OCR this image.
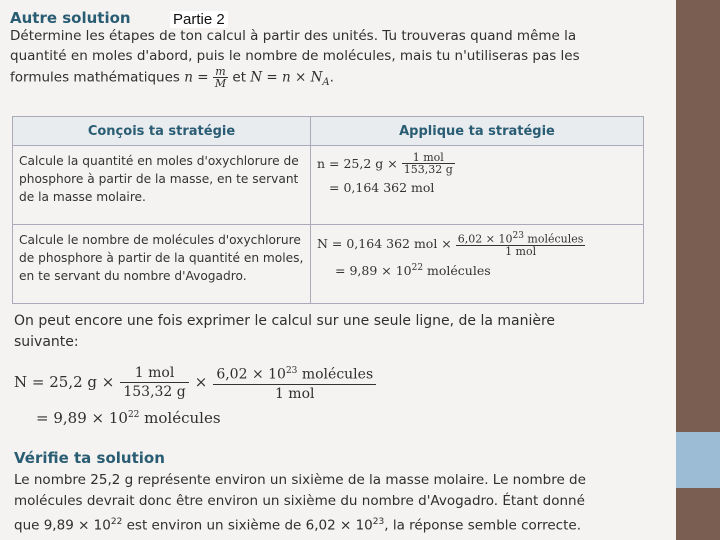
Autre solution
Détermine les étapes de ton calcul à partir des unités. Tu trouveras quand même la quantité en moles d'abord, puis le nombre de molécules, mais tu n'utiliseras pas les formules mathématiques $n = \frac{m}{M}$ et $N = n \times N_A$.
Conçois ta stratégie	Applique ta stratégie
Calcule la quantité en moles d'oxychlorure de phosphore à partir de la masse, en te servant de la masse molaire.	n = 25,2 $g \times \frac{\text{1 mol}}{153,32 g}$
= 0,164 362 mol

Calcule le nombre de molécules d'oxychlorure de phosphore à partir de la quantité en moles, en te servant du nombre d'Avogadro.	N = 0,164 362 mol × $\frac{6,02 \times 10^{23} molécules}{\text{1 mol}}$
= $9,89 \times 10^{22}$ molécules
On peut encore une fois exprimer le calcul sur une seule ligne, de la manière suivante:
N = 25,2 $g \times \frac{\text{1 mol}}{153,32 g} \times \frac{6,02 \times 10^{23} molécules}{\text{1 mol}}$
= $9,89 \times 10^{22}$ molécules
Vérifie ta solution
Le nombre 25,2 g représente environ un sixième de la masse molaire. Le nombre de molécules devrait donc être environ un sixième du nombre d'Avogadro. Étant donné que $9,89 \times 10^{22}$ est environ un sixième de $6,02 \times 10^{23}$, la réponse semble correcte.
Partie 2
